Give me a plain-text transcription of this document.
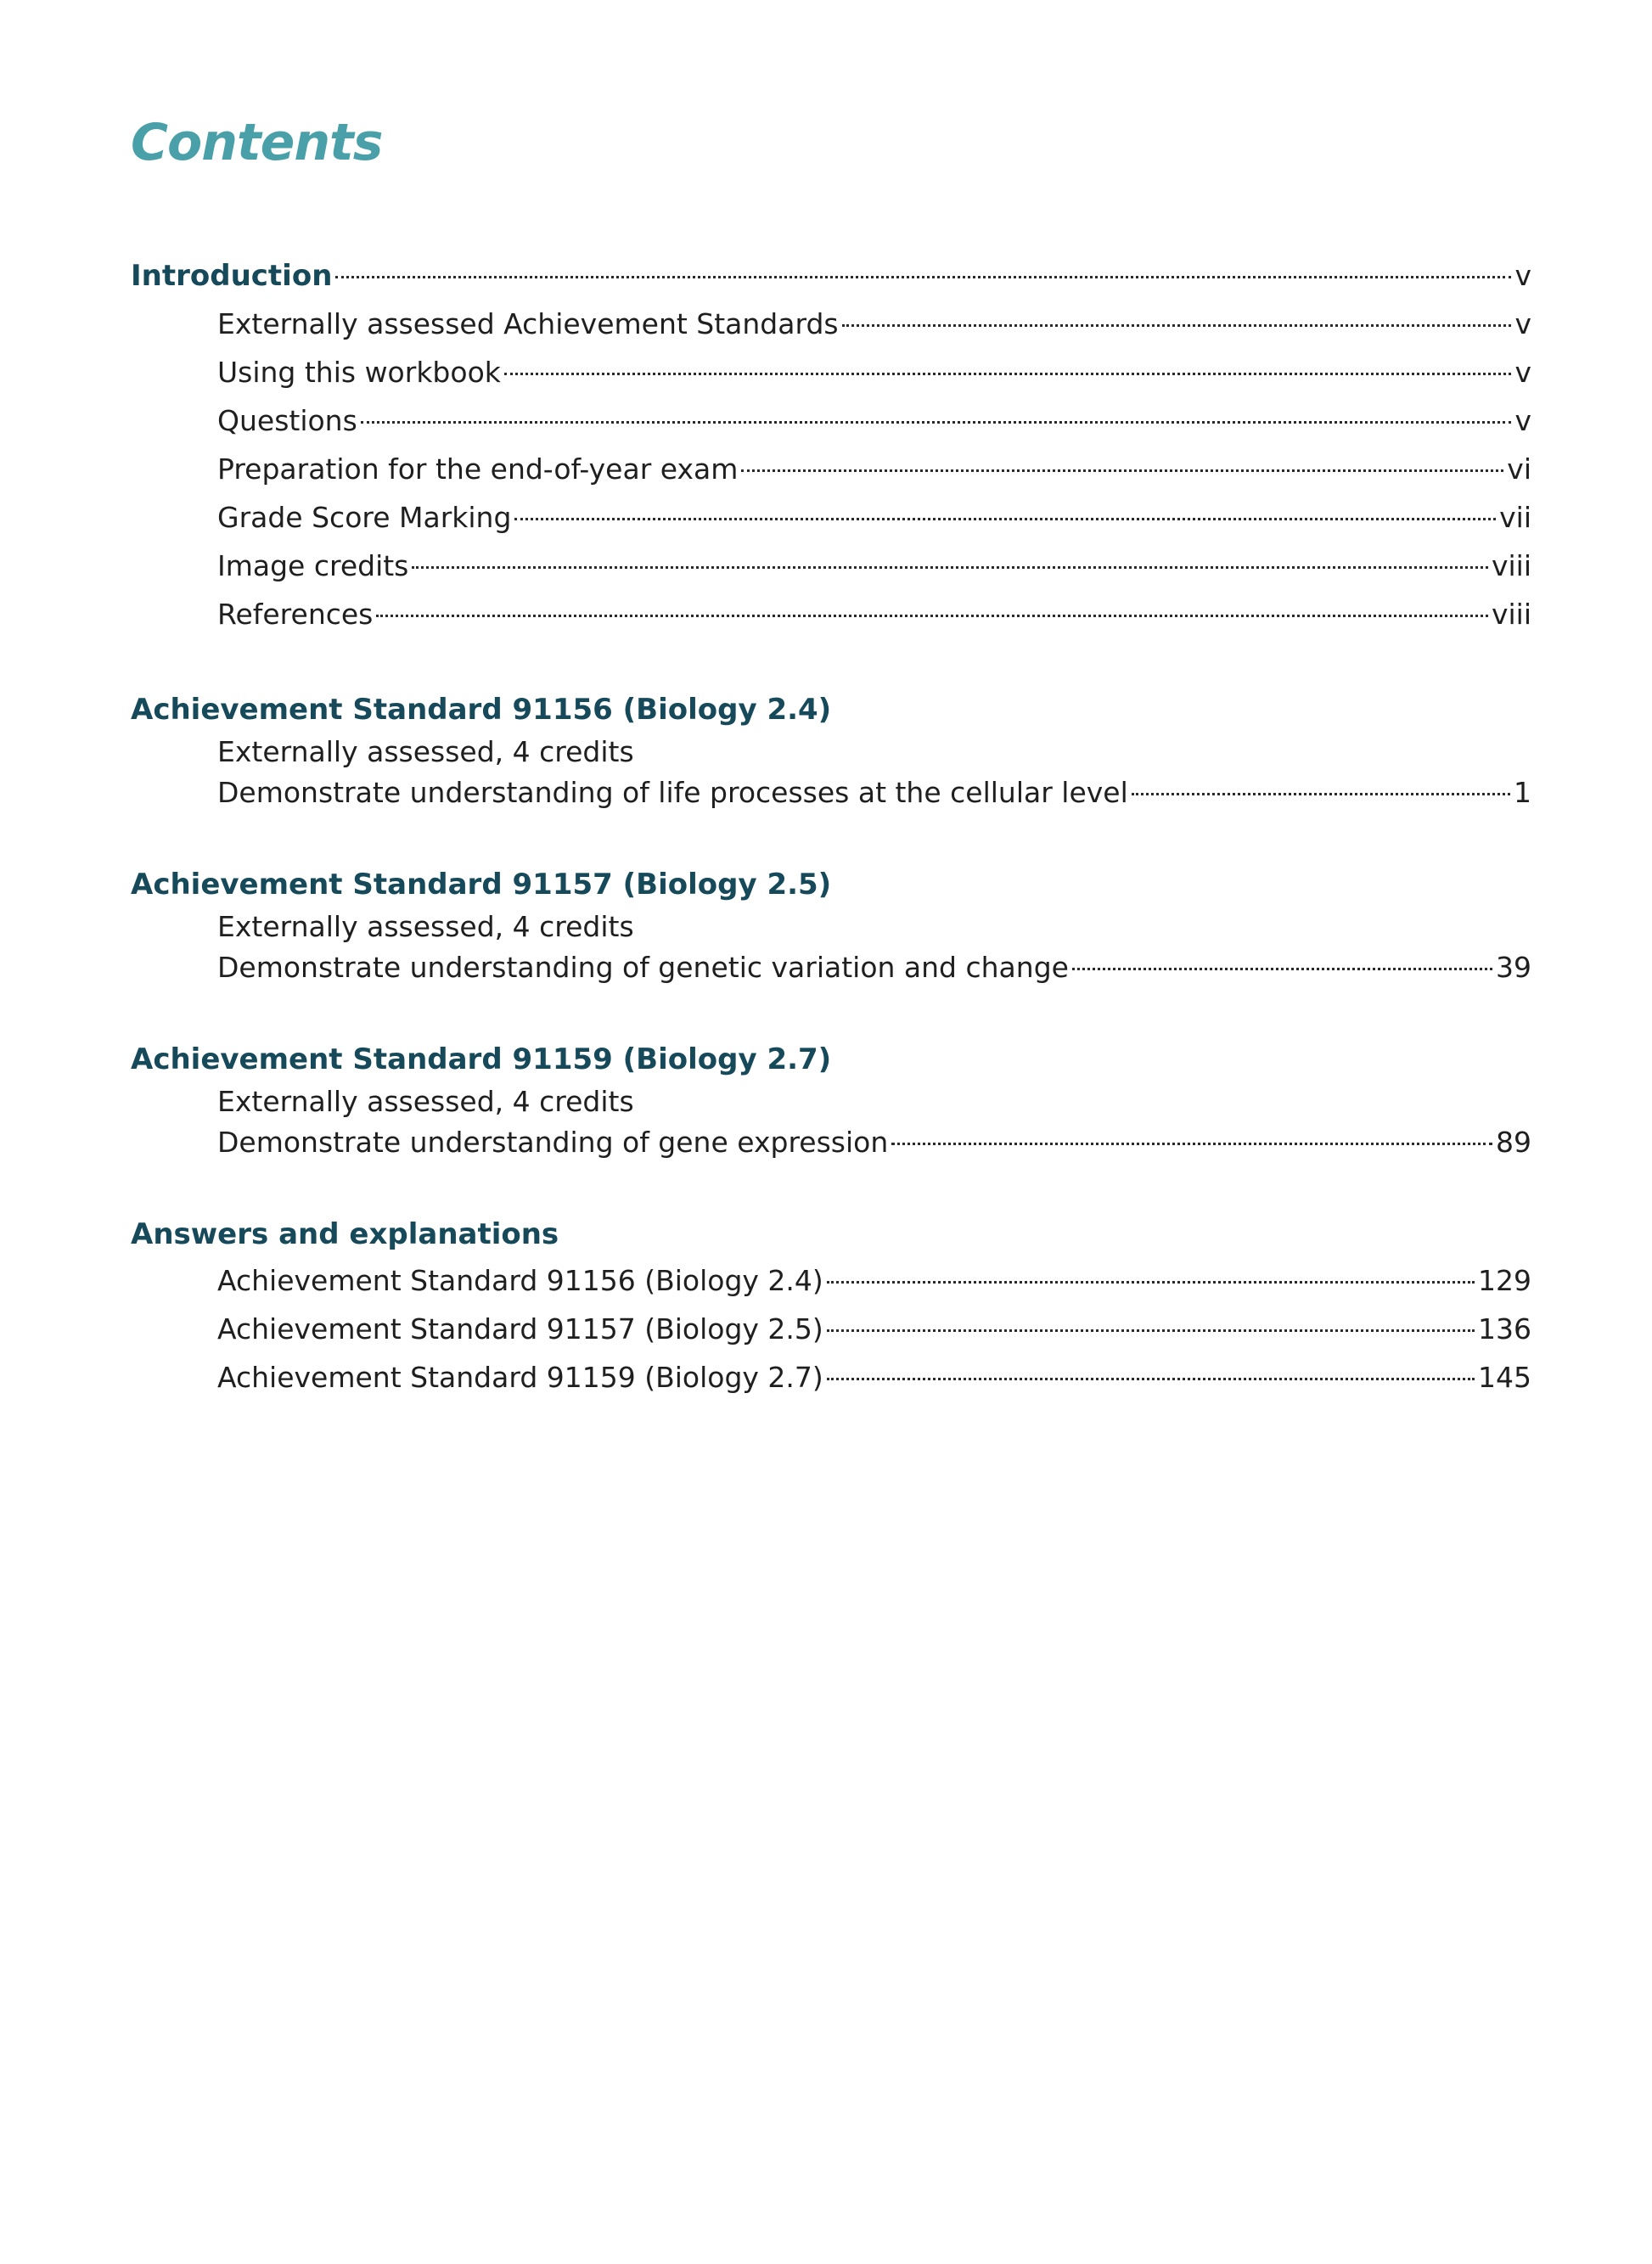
Contents
Introduction	v
Externally assessed Achievement Standards	v
Using this workbook	v
Questions	v
Preparation for the end-of-year exam	vi
Grade Score Marking	vii
Image credits	viii
References	viii
Achievement Standard 91156 (Biology 2.4)
Externally assessed, 4 credits
Demonstrate understanding of life processes at the cellular level	1
Achievement Standard 91157 (Biology 2.5)
Externally assessed, 4 credits
Demonstrate understanding of genetic variation and change	39
Achievement Standard 91159 (Biology 2.7)
Externally assessed, 4 credits
Demonstrate understanding of gene expression	89
Answers and explanations
Achievement Standard 91156 (Biology 2.4)	129
Achievement Standard 91157 (Biology 2.5)	136
Achievement Standard 91159 (Biology 2.7)	145
